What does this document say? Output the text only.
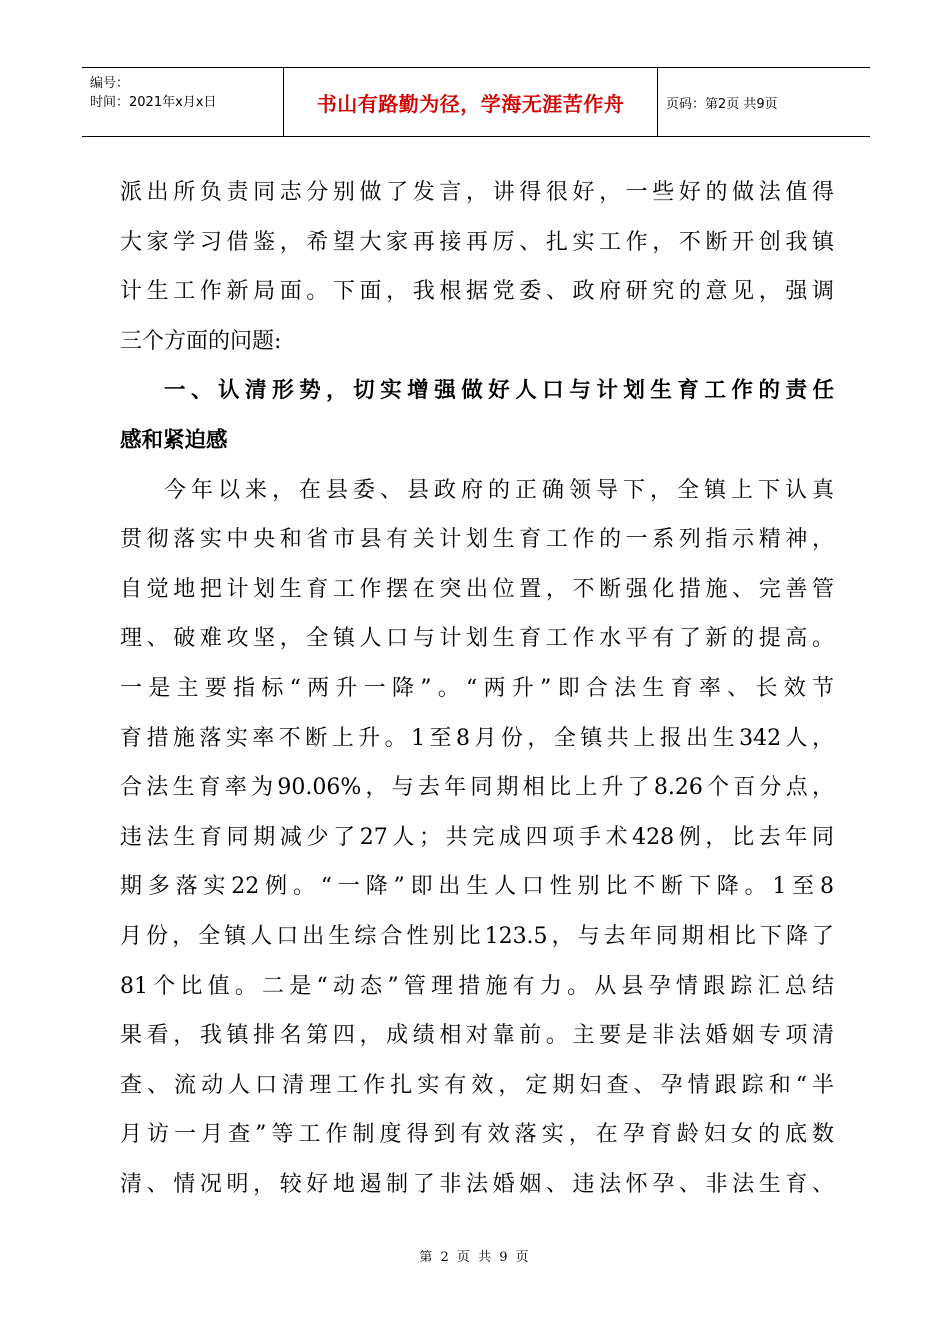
编号：
时间：2021年x月x日	书山有路勤为径，学海无涯苦作舟	页码：第2页 共9页
派出所负责同志分别做了发言，讲得很好，一些好的做法值得
大家学习借鉴，希望大家再接再厉、扎实工作，不断开创我镇
计生工作新局面。下面，我根据党委、政府研究的意见，强调
三个方面的问题:
一、认清形势，切实增强做好人口与计划生育工作的责任
感和紧迫感
今年以来，在县委、县政府的正确领导下，全镇上下认真
贯彻落实中央和省市县有关计划生育工作的一系列指示精神，
自觉地把计划生育工作摆在突出位置，不断强化措施、完善管
理、破难攻坚，全镇人口与计划生育工作水平有了新的提高。
一是主要指标“两升一降”。“两升”即合法生育率、长效节
育措施落实率不断上升。1至8月份，全镇共上报出生342人，
合法生育率为90.06%，与去年同期相比上升了8.26个百分点，
违法生育同期减少了27人；共完成四项手术428例，比去年同
期多落实22例。“一降”即出生人口性别比不断下降。1至8
月份，全镇人口出生综合性别比123.5，与去年同期相比下降了
81个比值。二是“动态”管理措施有力。从县孕情跟踪汇总结
果看，我镇排名第四，成绩相对靠前。主要是非法婚姻专项清
查、流动人口清理工作扎实有效，定期妇查、孕情跟踪和“半
月访一月查”等工作制度得到有效落实，在孕育龄妇女的底数
清、情况明，较好地遏制了非法婚姻、违法怀孕、非法生育、
第 2 页 共 9 页
